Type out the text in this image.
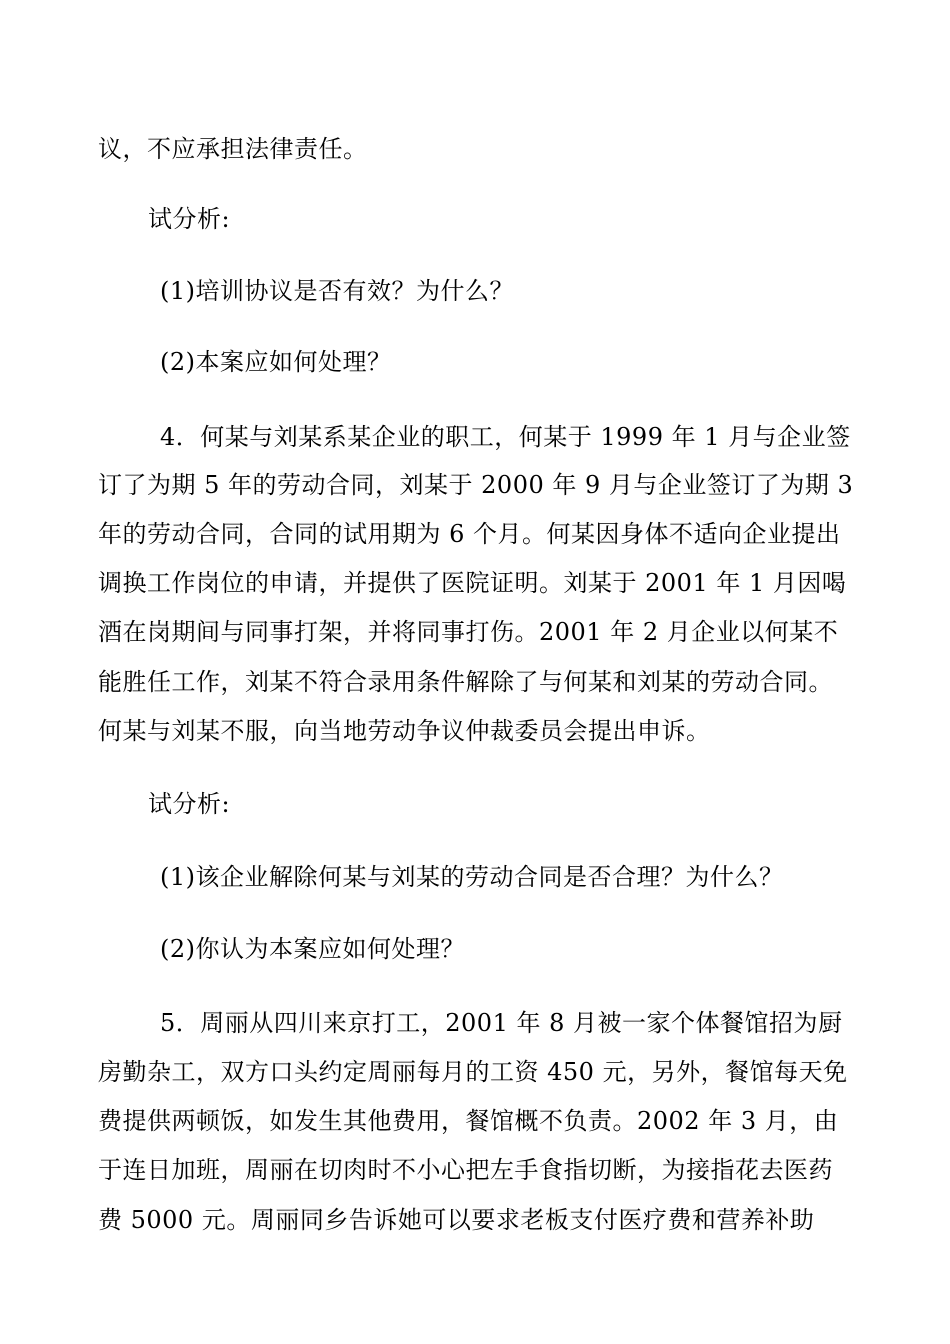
议，不应承担法律责任。
试分析:
(1)培训协议是否有效？为什么？
(2)本案应如何处理？
4．何某与刘某系某企业的职工，何某于 1999 年 1 月与企业签
订了为期 5 年的劳动合同，刘某于 2000 年 9 月与企业签订了为期 3
年的劳动合同，合同的试用期为 6 个月。何某因身体不适向企业提出
调换工作岗位的申请，并提供了医院证明。刘某于 2001 年 1 月因喝
酒在岗期间与同事打架，并将同事打伤。2001 年 2 月企业以何某不
能胜任工作，刘某不符合录用条件解除了与何某和刘某的劳动合同。
何某与刘某不服，向当地劳动争议仲裁委员会提出申诉。
试分析:
(1)该企业解除何某与刘某的劳动合同是否合理？为什么？
(2)你认为本案应如何处理？
5．周丽从四川来京打工，2001 年 8 月被一家个体餐馆招为厨
房勤杂工，双方口头约定周丽每月的工资 450 元，另外，餐馆每天免
费提供两顿饭，如发生其他费用，餐馆概不负责。2002 年 3 月，由
于连日加班，周丽在切肉时不小心把左手食指切断，为接指花去医药
费 5000 元。周丽同乡告诉她可以要求老板支付医疗费和营养补助
